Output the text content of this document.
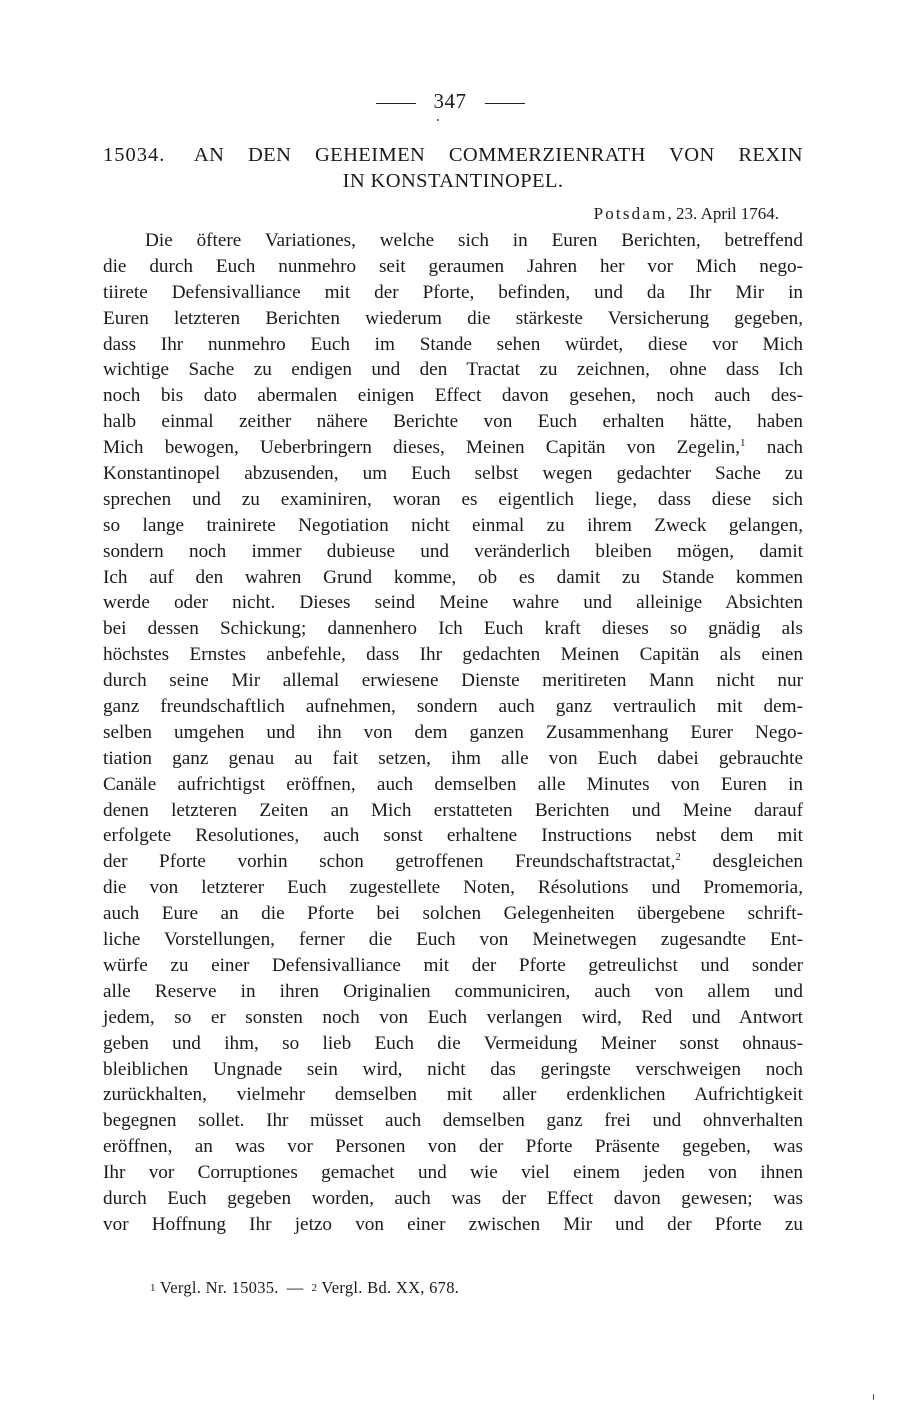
347
15034. AN DEN GEHEIMEN COMMERZIENRATH VON REXIN
IN KONSTANTINOPEL.
Potsdam, 23. April 1764.
Die öftere Variationes, welche sich in Euren Berichten, betreffend
die durch Euch nunmehro seit geraumen Jahren her vor Mich nego-
tiirete Defensivalliance mit der Pforte, befinden, und da Ihr Mir in
Euren letzteren Berichten wiederum die stärkeste Versicherung gegeben,
dass Ihr nunmehro Euch im Stande sehen würdet, diese vor Mich
wichtige Sache zu endigen und den Tractat zu zeichnen, ohne dass Ich
noch bis dato abermalen einigen Effect davon gesehen, noch auch des-
halb einmal zeither nähere Berichte von Euch erhalten hätte, haben
Mich bewogen, Ueberbringern dieses, Meinen Capitän von Zegelin,$^1$ nach
Konstantinopel abzusenden, um Euch selbst wegen gedachter Sache zu
sprechen und zu examiniren, woran es eigentlich liege, dass diese sich
so lange trainirete Negotiation nicht einmal zu ihrem Zweck gelangen,
sondern noch immer dubieuse und veränderlich bleiben mögen, damit
Ich auf den wahren Grund komme, ob es damit zu Stande kommen
werde oder nicht. Dieses seind Meine wahre und alleinige Absichten
bei dessen Schickung; dannenhero Ich Euch kraft dieses so gnädig als
höchstes Ernstes anbefehle, dass Ihr gedachten Meinen Capitän als einen
durch seine Mir allemal erwiesene Dienste meritireten Mann nicht nur
ganz freundschaftlich aufnehmen, sondern auch ganz vertraulich mit dem-
selben umgehen und ihn von dem ganzen Zusammenhang Eurer Nego-
tiation ganz genau au fait setzen, ihm alle von Euch dabei gebrauchte
Canäle aufrichtigst eröffnen, auch demselben alle Minutes von Euren in
denen letzteren Zeiten an Mich erstatteten Berichten und Meine darauf
erfolgete Resolutiones, auch sonst erhaltene Instructions nebst dem mit
der Pforte vorhin schon getroffenen Freundschaftstractat,$^2$ desgleichen
die von letzterer Euch zugestellete Noten, Résolutions und Promemoria,
auch Eure an die Pforte bei solchen Gelegenheiten übergebene schrift-
liche Vorstellungen, ferner die Euch von Meinetwegen zugesandte Ent-
würfe zu einer Defensivalliance mit der Pforte getreulichst und sonder
alle Reserve in ihren Originalien communiciren, auch von allem und
jedem, so er sonsten noch von Euch verlangen wird, Red und Antwort
geben und ihm, so lieb Euch die Vermeidung Meiner sonst ohnaus-
bleiblichen Ungnade sein wird, nicht das geringste verschweigen noch
zurückhalten, vielmehr demselben mit aller erdenklichen Aufrichtigkeit
begegnen sollet. Ihr müsset auch demselben ganz frei und ohnverhalten
eröffnen, an was vor Personen von der Pforte Präsente gegeben, was
Ihr vor Corruptiones gemachet und wie viel einem jeden von ihnen
durch Euch gegeben worden, auch was der Effect davon gewesen; was
vor Hoffnung Ihr jetzo von einer zwischen Mir und der Pforte zu
1 Vergl. Nr. 15035. — 2 Vergl. Bd. XX, 678.
